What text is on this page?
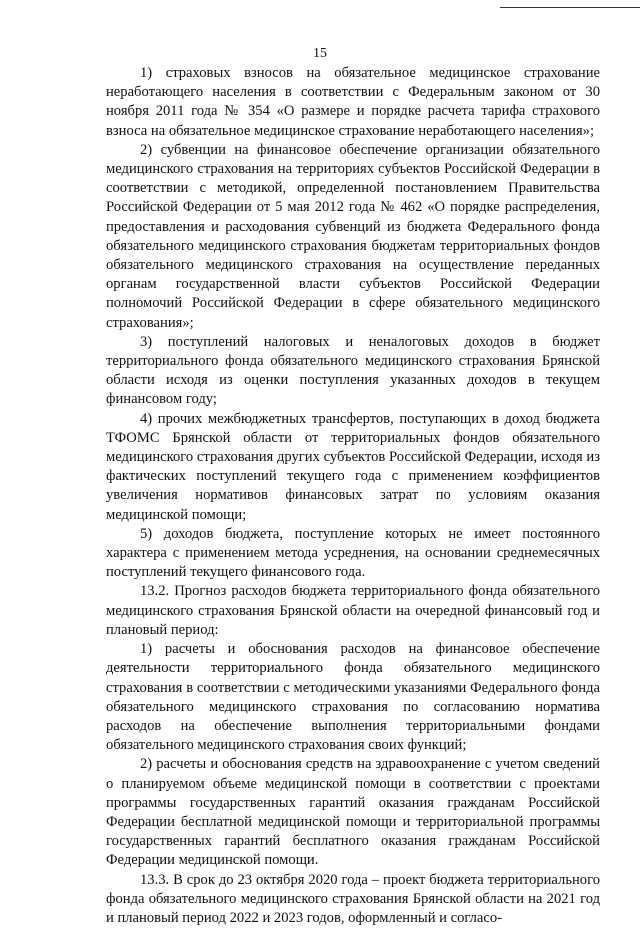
15

1) страховых взносов на обязательное медицинское страхование неработающего населения в соответствии с Федеральным законом от 30 ноября 2011 года № 354 «О размере и порядке расчета тарифа страхового взноса на обязательное медицинское страхование неработающего населения»;

2) субвенции на финансовое обеспечение организации обязательного медицинского страхования на территориях субъектов Российской Федерации в соответствии с методикой, определенной постановлением Правительства Российской Федерации от 5 мая 2012 года № 462 «О порядке распределения, предоставления и расходования субвенций из бюджета Федерального фонда обязательного медицинского страхования бюджетам территориальных фондов обязательного медицинского страхования на осуществление переданных органам государственной власти субъектов Российской Федерации полномочий Российской Федерации в сфере обязательного медицинского страхования»;

3) поступлений налоговых и неналоговых доходов в бюджет территориального фонда обязательного медицинского страхования Брянской области исходя из оценки поступления указанных доходов в текущем финансовом году;

4) прочих межбюджетных трансфертов, поступающих в доход бюджета ТФОМС Брянской области от территориальных фондов обязательного медицинского страхования других субъектов Российской Федерации, исходя из фактических поступлений текущего года с применением коэффициентов увеличения нормативов финансовых затрат по условиям оказания медицинской помощи;

5) доходов бюджета, поступление которых не имеет постоянного характера с применением метода усреднения, на основании среднемесячных поступлений текущего финансового года.

13.2. Прогноз расходов бюджета территориального фонда обязательного медицинского страхования Брянской области на очередной финансовый год и плановый период:

1) расчеты и обоснования расходов на финансовое обеспечение деятельности территориального фонда обязательного медицинского страхования в соответствии с методическими указаниями Федерального фонда обязательного медицинского страхования по согласованию норматива расходов на обеспечение выполнения территориальными фондами обязательного медицинского страхования своих функций;

2) расчеты и обоснования средств на здравоохранение с учетом сведений о планируемом объеме медицинской помощи в соответствии с проектами программы государственных гарантий оказания гражданам Российской Федерации бесплатной медицинской помощи и территориальной программы государственных гарантий бесплатного оказания гражданам Российской Федерации медицинской помощи.

13.3. В срок до 23 октября 2020 года – проект бюджета территориального фонда обязательного медицинского страхования Брянской области на 2021 год и плановый период 2022 и 2023 годов, оформленный и согласо-
